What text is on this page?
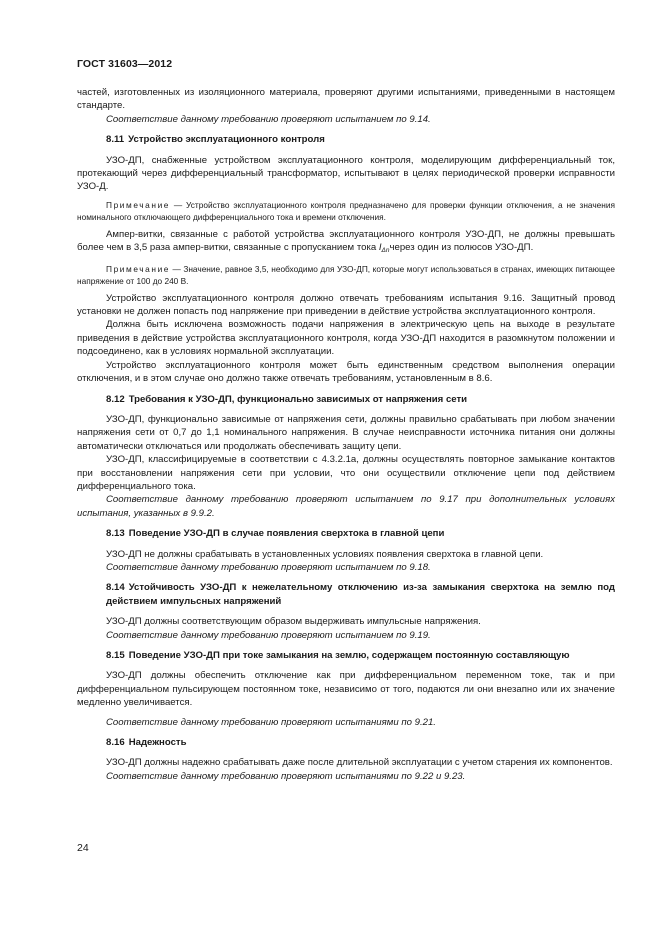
ГОСТ 31603—2012

частей, изготовленных из изоляционного материала, проверяют другими испытаниями, приведенными в настоящем стандарте.

Соответствие данному требованию проверяют испытанием по 9.14.

8.11 Устройство эксплуатационного контроля

УЗО-ДП, снабженные устройством эксплуатационного контроля, моделирующим дифференциальный ток, протекающий через дифференциальный трансформатор, испытывают в целях периодической проверки исправности УЗО-Д.

Примечание — Устройство эксплуатационного контроля предназначено для проверки функции отключения, а не значения номинального отключающего дифференциального тока и времени отключения.

Ампер-витки, связанные с работой устройства эксплуатационного контроля УЗО-ДП, не должны превышать более чем в 3,5 раза ампер-витки, связанные с пропусканием тока $I_{\Delta n}через$ один из полюсов УЗО-ДП.

Примечание — Значение, равное 3,5, необходимо для УЗО-ДП, которые могут использоваться в странах, имеющих питающее напряжение от 100 до 240 В.

Устройство эксплуатационного контроля должно отвечать требованиям испытания 9.16. Защитный провод установки не должен попасть под напряжение при приведении в действие устройства эксплуатационного контроля.

Должна быть исключена возможность подачи напряжения в электрическую цепь на выходе в результате приведения в действие устройства эксплуатационного контроля, когда УЗО-ДП находится в разомкнутом положении и подсоединено, как в условиях нормальной эксплуатации.

Устройство эксплуатационного контроля может быть единственным средством выполнения операции отключения, и в этом случае оно должно также отвечать требованиям, установленным в 8.6.

8.12 Требования к УЗО-ДП, функционально зависимых от напряжения сети

УЗО-ДП, функционально зависимые от напряжения сети, должны правильно срабатывать при любом значении напряжения сети от 0,7 до 1,1 номинального напряжения. В случае неисправности источника питания они должны автоматически отключаться или продолжать обеспечивать защиту цепи.

УЗО-ДП, классифицируемые в соответствии с 4.3.2.1а, должны осуществлять повторное замыкание контактов при восстановлении напряжения сети при условии, что они осуществили отключение цепи под действием дифференциального тока.

Соответствие данному требованию проверяют испытанием по 9.17 при дополнительных условиях испытания, указанных в 9.9.2.

8.13 Поведение УЗО-ДП в случае появления сверхтока в главной цепи

УЗО-ДП не должны срабатывать в установленных условиях появления сверхтока в главной цепи.

Соответствие данному требованию проверяют испытанием по 9.18.

8.14 Устойчивость УЗО-ДП к нежелательному отключению из-за замыкания сверхтока на землю под действием импульсных напряжений

УЗО-ДП должны соответствующим образом выдерживать импульсные напряжения.

Соответствие данному требованию проверяют испытанием по 9.19.

8.15 Поведение УЗО-ДП при токе замыкания на землю, содержащем постоянную составляющую

УЗО-ДП должны обеспечить отключение как при дифференциальном переменном токе, так и при дифференциальном пульсирующем постоянном токе, независимо от того, подаются ли они внезапно или их значение медленно увеличивается.

Соответствие данному требованию проверяют испытаниями по 9.21.

8.16 Надежность

УЗО-ДП должны надежно срабатывать даже после длительной эксплуатации с учетом старения их компонентов.

Соответствие данному требованию проверяют испытаниями по 9.22 и 9.23.

24
